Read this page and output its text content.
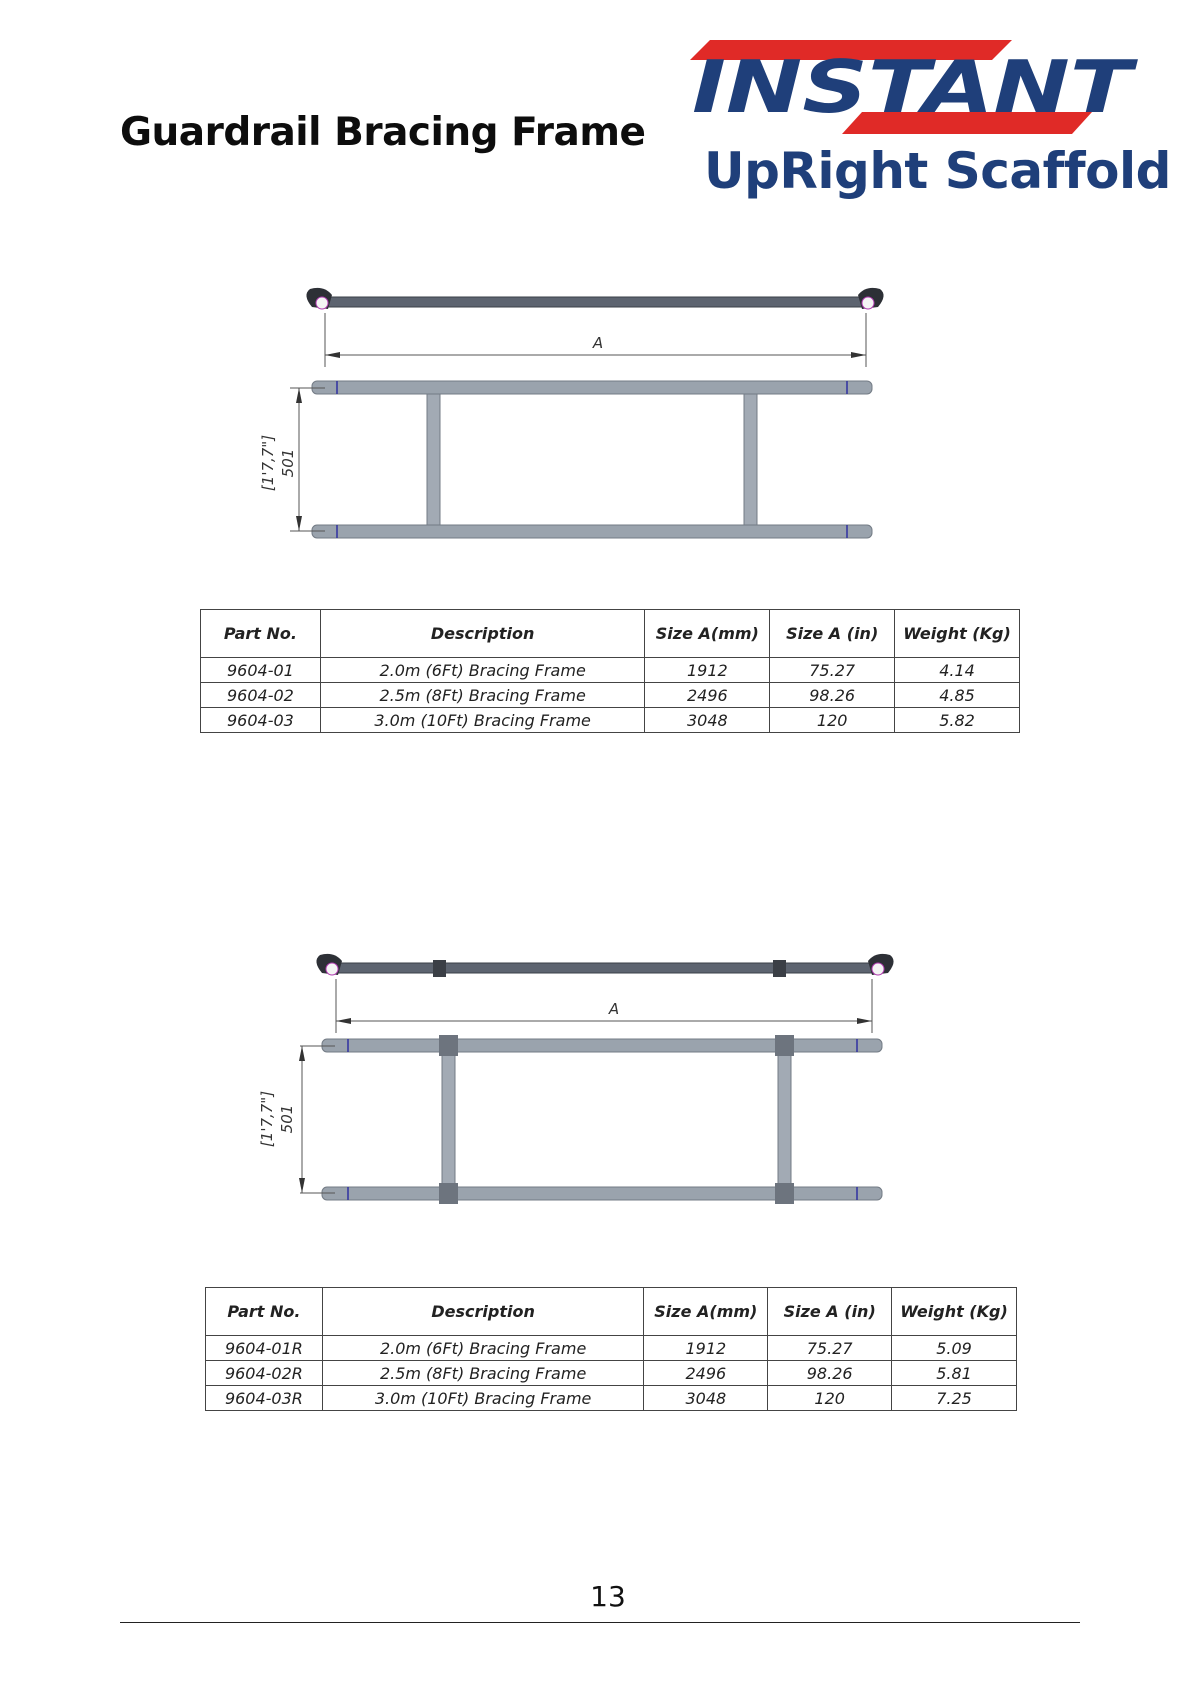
Guardrail Bracing Frame
INSTANT
UpRight Scaffold
A
501
[1'7,7"]
Part No.	Description	Size A(mm)	Size A (in)	Weight (Kg)
9604-01	2.0m (6Ft) Bracing Frame	1912	75.27	4.14
9604-02	2.5m (8Ft) Bracing Frame	2496	98.26	4.85
9604-03	3.0m (10Ft) Bracing Frame	3048	120	5.82
A
501
[1'7,7"]
Part No.	Description	Size A(mm)	Size A (in)	Weight (Kg)
9604-01R	2.0m (6Ft) Bracing Frame	1912	75.27	5.09
9604-02R	2.5m (8Ft) Bracing Frame	2496	98.26	5.81
9604-03R	3.0m (10Ft) Bracing Frame	3048	120	7.25
13
